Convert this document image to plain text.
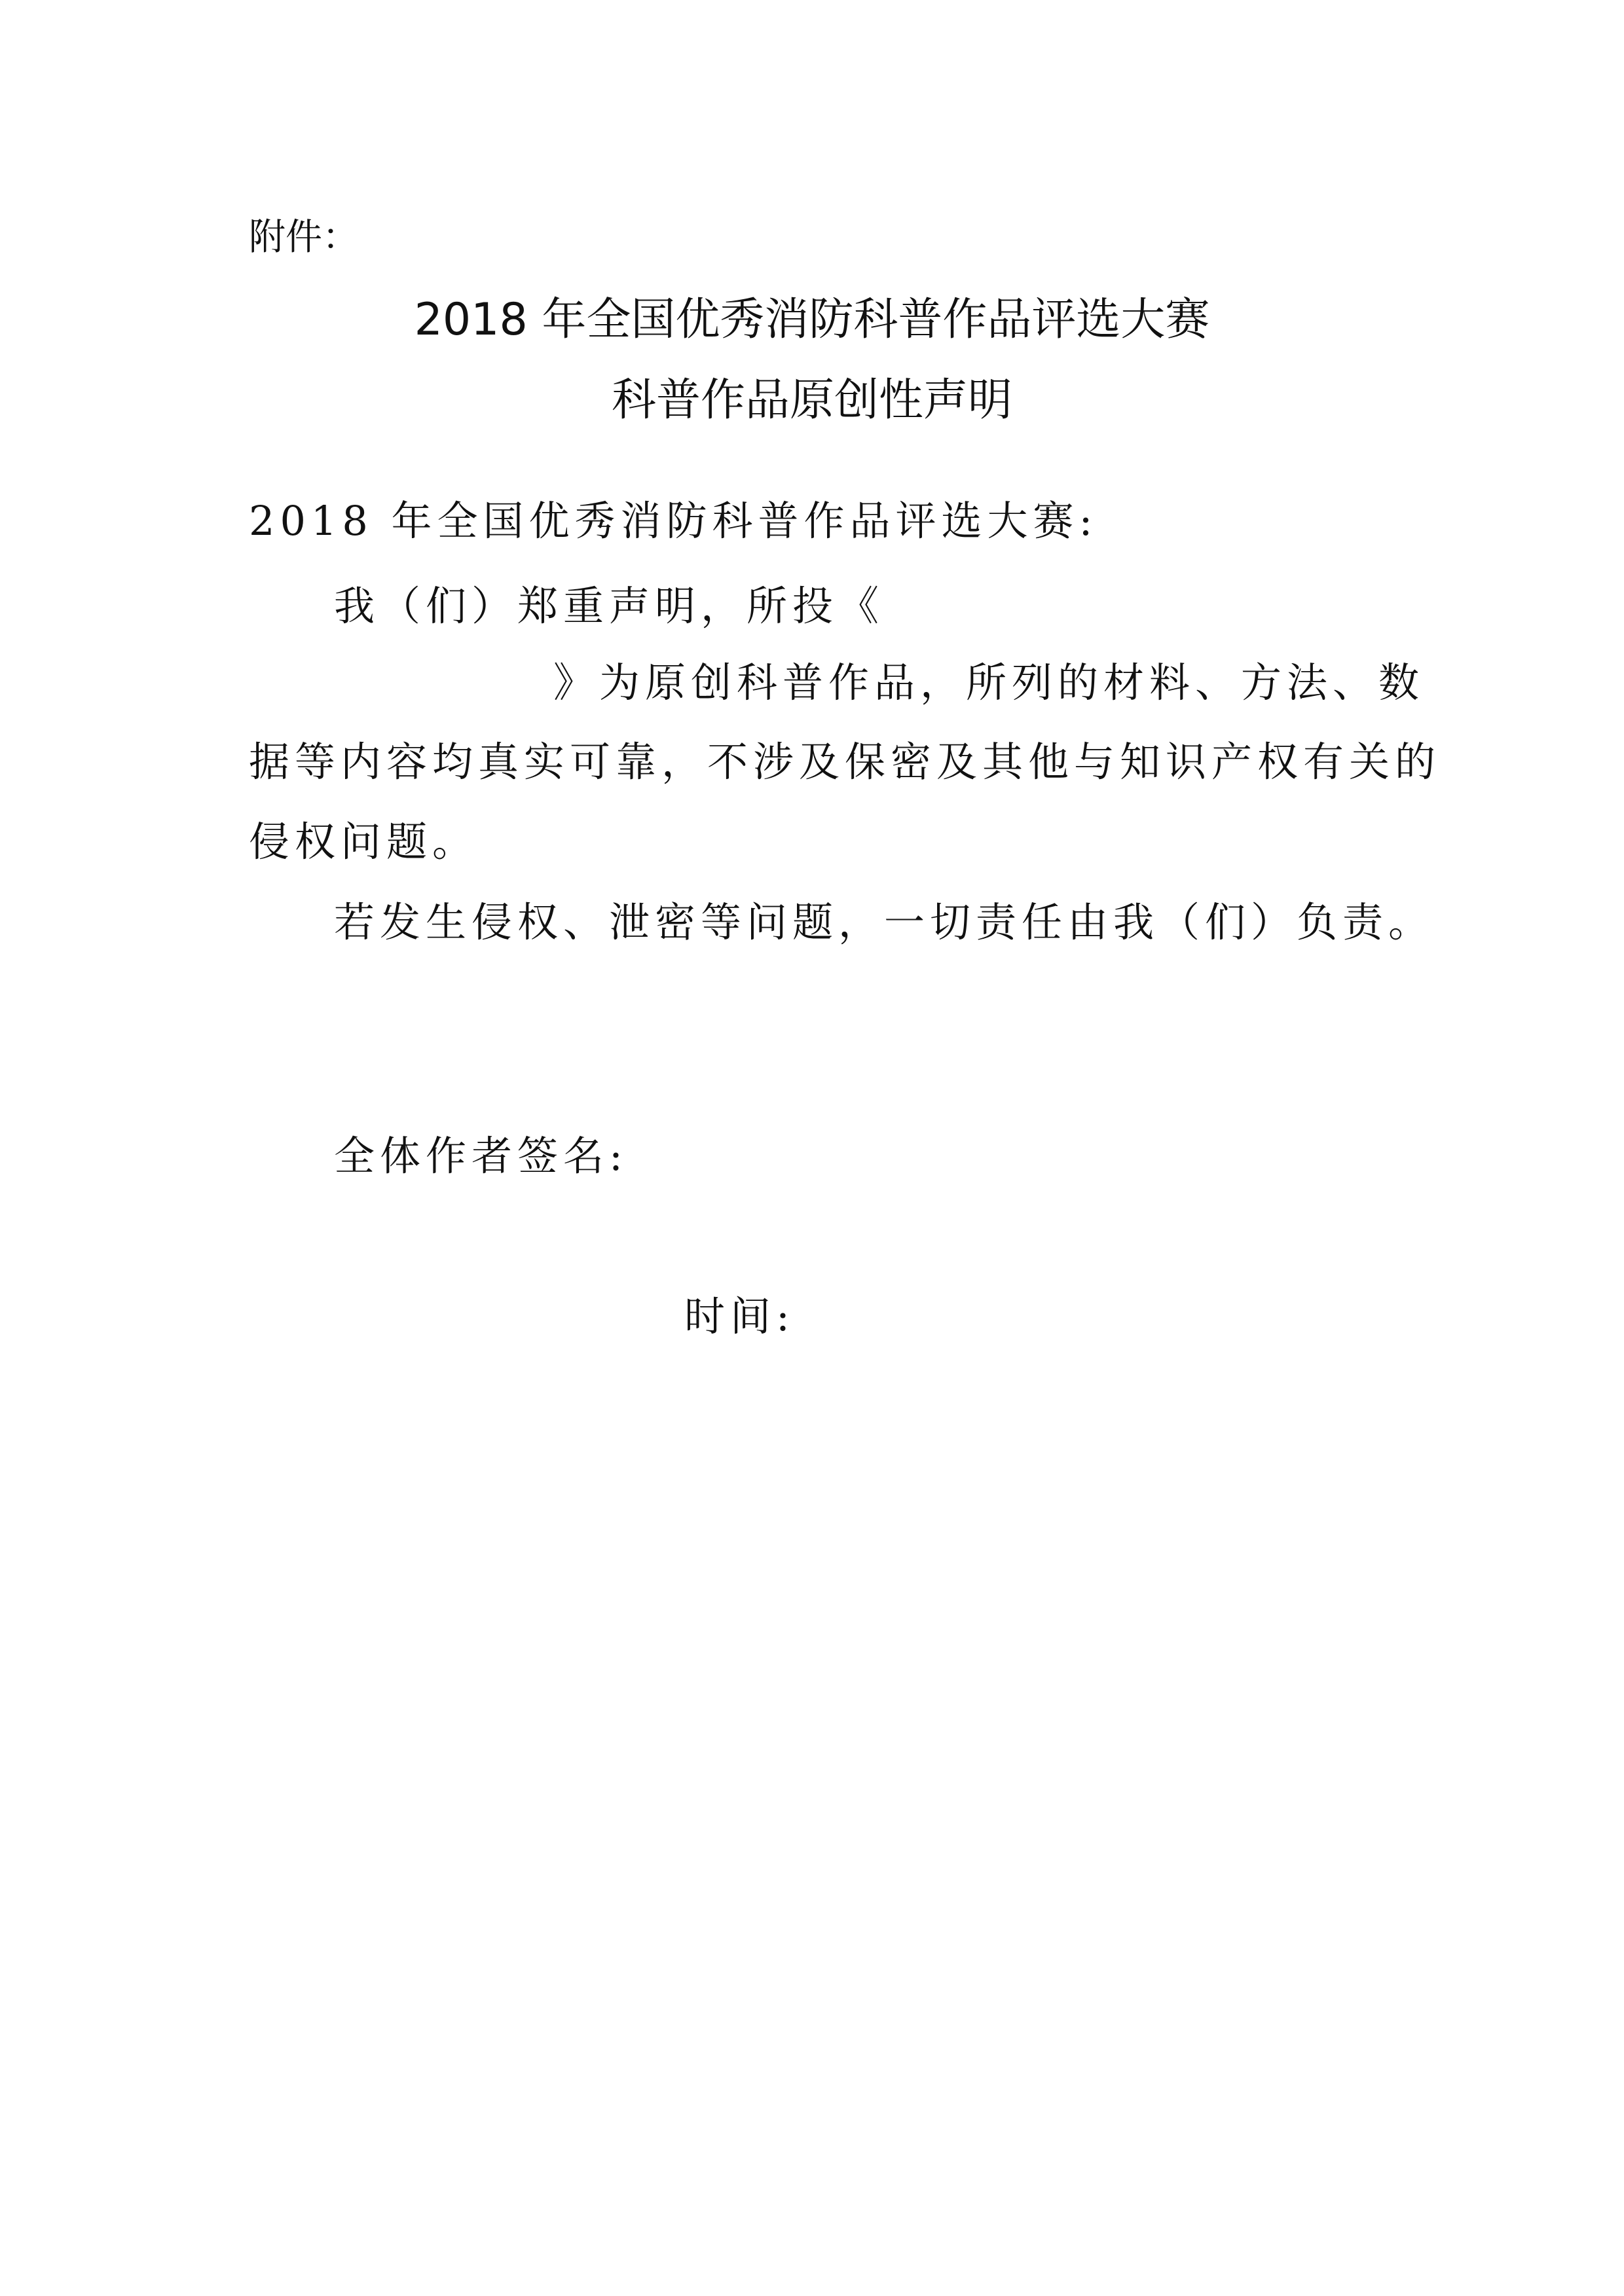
附件：
2018 年全国优秀消防科普作品评选大赛
科普作品原创性声明
2018 年全国优秀消防科普作品评选大赛:
我（们）郑重声明，所投《
》为原创科普作品，所列的材料、方法、数
据等内容均真实可靠，不涉及保密及其他与知识产权有关的
侵权问题。
若发生侵权、泄密等问题，一切责任由我（们）负责。
全体作者签名:
时间:
